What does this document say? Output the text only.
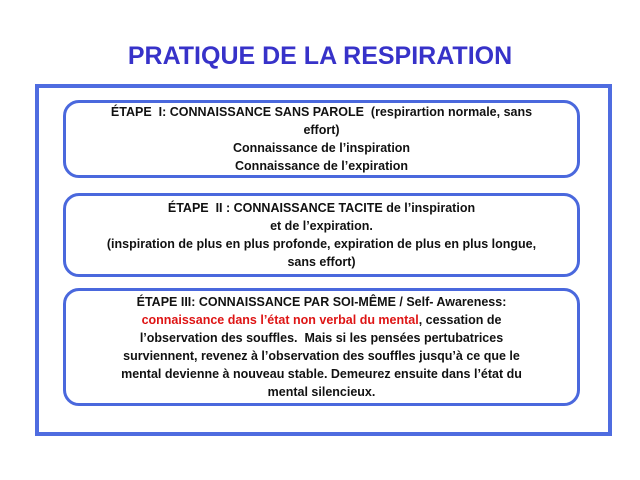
PRATIQUE DE LA RESPIRATION
ÉTAPE  I: CONNAISSANCE SANS PAROLE  (respirartion normale, sans
effort)
Connaissance de l’inspiration
Connaissance de l’expiration
ÉTAPE  II : CONNAISSANCE TACITE de l’inspiration
et de l’expiration.
(inspiration de plus en plus profonde, expiration de plus en plus longue,
sans effort)
ÉTAPE III: CONNAISSANCE PAR SOI-MÊME / Self- Awareness:
connaissance dans l’état non verbal du mental, cessation de
l’observation des souffles.  Mais si les pensées pertubatrices
surviennent, revenez à l’observation des souffles jusqu’à ce que le
mental devienne à nouveau stable. Demeurez ensuite dans l’état du
mental silencieux.
